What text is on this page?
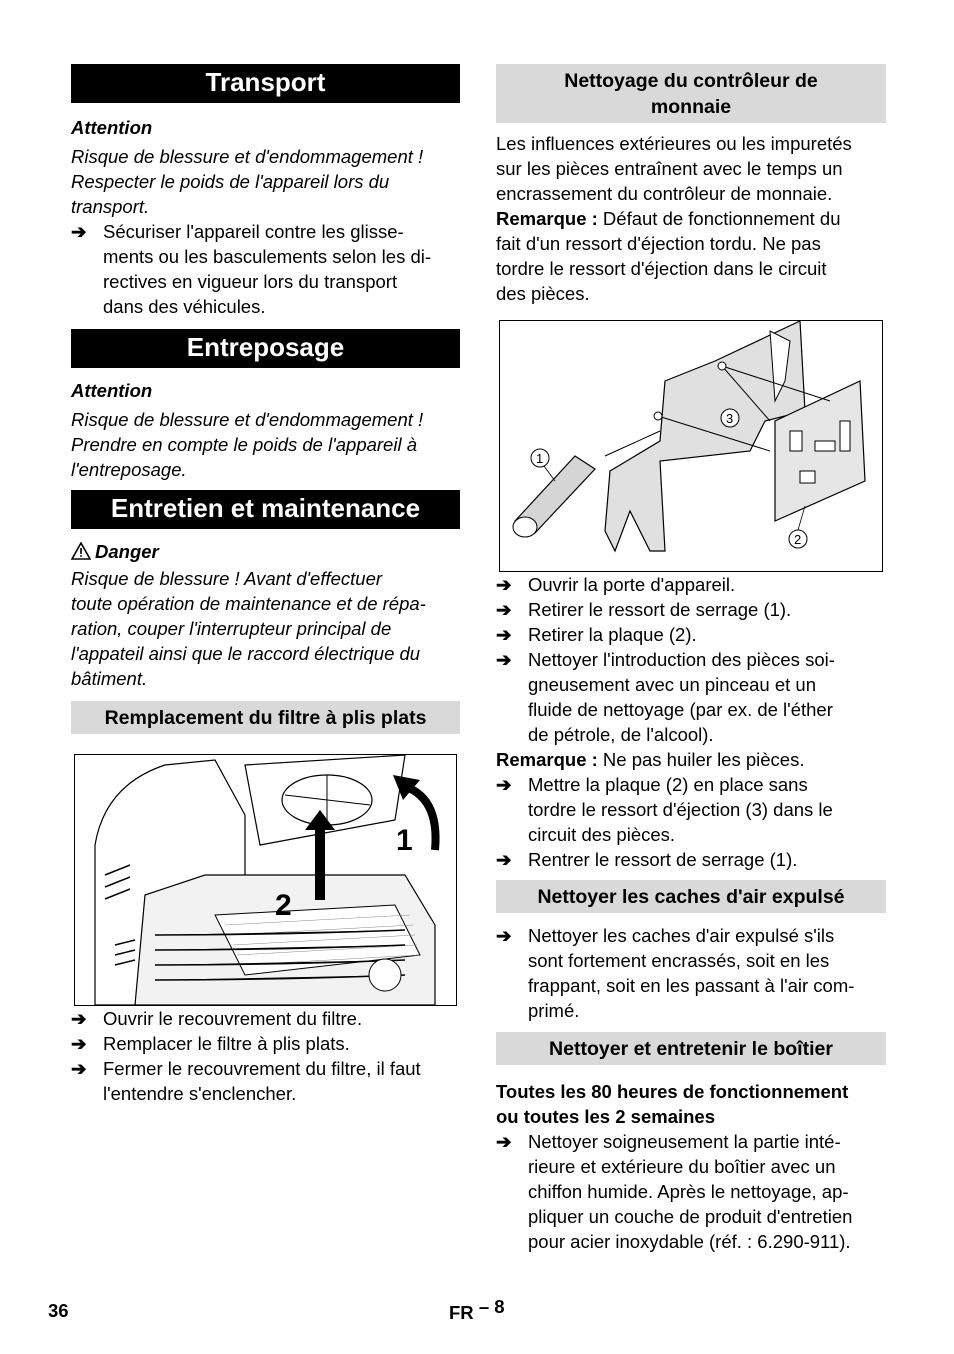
Transport
Attention
Risque de blessure et d'endommagement !
Respecter le poids de l'appareil lors du
transport.
➔ Sécuriser l'appareil contre les glisse-
ments ou les basculements selon les di-
rectives en vigueur lors du transport
dans des véhicules.
Entreposage
Attention
Risque de blessure et d'endommagement !
Prendre en compte le poids de l'appareil à
l'entreposage.
Entretien et maintenance
Danger
Risque de blessure ! Avant d'effectuer
toute opération de maintenance et de répa-
ration, couper l'interrupteur principal de
l'appateil ainsi que le raccord électrique du
bâtiment.
Remplacement du filtre à plis plats
1
2
➔ Ouvrir le recouvrement du filtre.
➔ Remplacer le filtre à plis plats.
➔ Fermer le recouvrement du filtre, il faut
l'entendre s'enclencher.
Nettoyage du contrôleur de
monnaie
Les influences extérieures ou les impuretés
sur les pièces entraînent avec le temps un
encrassement du contrôleur de monnaie.
Remarque : Défaut de fonctionnement du
fait d'un ressort d'éjection tordu. Ne pas
tordre le ressort d'éjection dans le circuit
des pièces.
1
2
3
➔ Ouvrir la porte d'appareil.
➔ Retirer le ressort de serrage (1).
➔ Retirer la plaque (2).
➔ Nettoyer l'introduction des pièces soi-
gneusement avec un pinceau et un
fluide de nettoyage (par ex. de l'éther
de pétrole, de l'alcool).
Remarque : Ne pas huiler les pièces.
➔ Mettre la plaque (2) en place sans
tordre le ressort d'éjection (3) dans le
circuit des pièces.
➔ Rentrer le ressort de serrage (1).
Nettoyer les caches d'air expulsé
➔ Nettoyer les caches d'air expulsé s'ils
sont fortement encrassés, soit en les
frappant, soit en les passant à l'air com-
primé.
Nettoyer et entretenir le boîtier
Toutes les 80 heures de fonctionnement
ou toutes les 2 semaines
➔ Nettoyer soigneusement la partie inté-
rieure et extérieure du boîtier avec un
chiffon humide. Après le nettoyage, ap-
pliquer un couche de produit d'entretien
pour acier inoxydable (réf. : 6.290-911).
36	FR – 8
